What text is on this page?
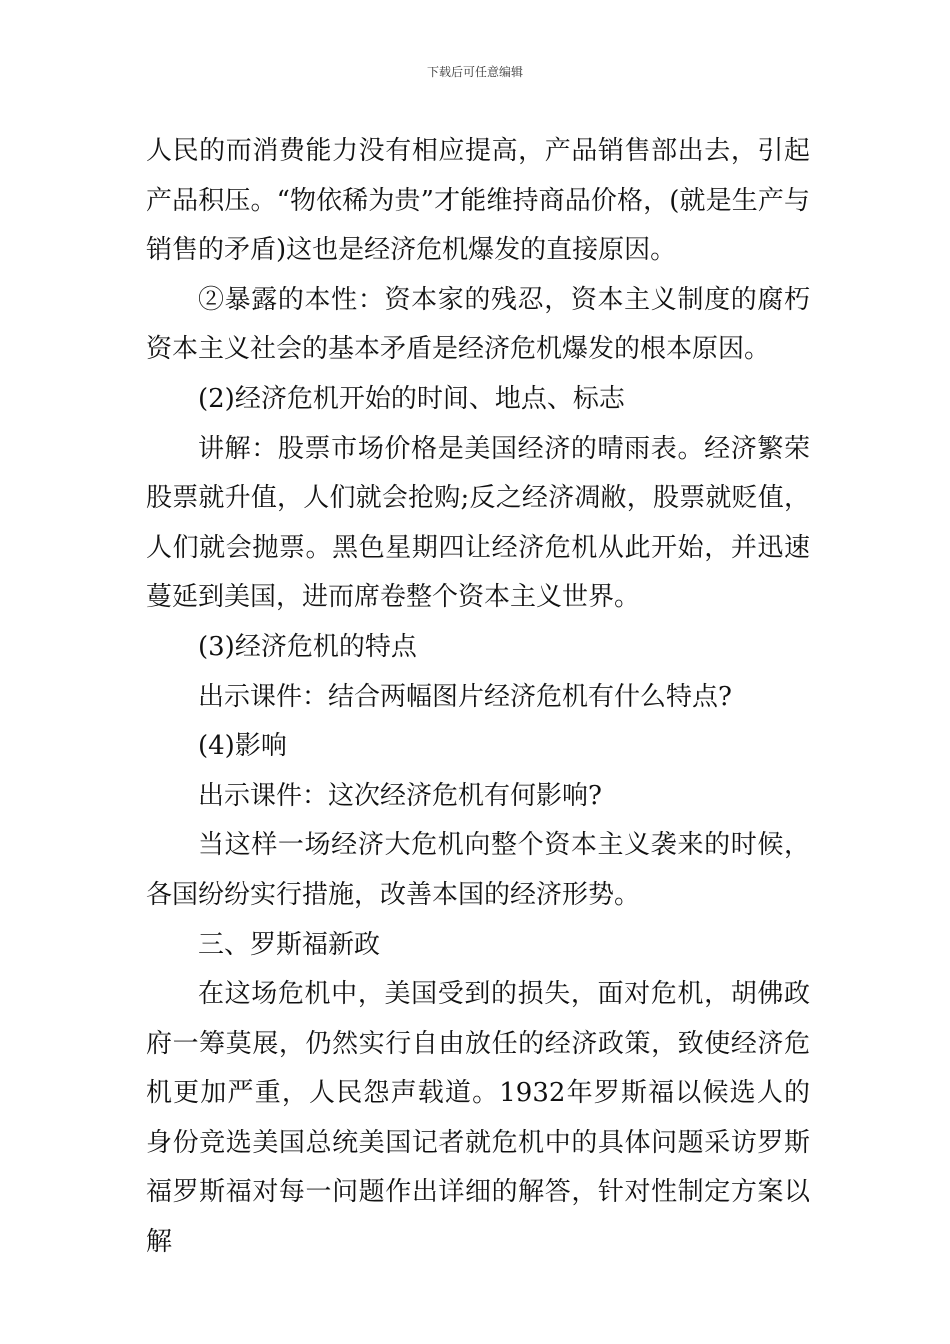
下载后可任意编辑

人民的而消费能力没有相应提高，产品销售部出去，引起产品积压。“物依稀为贵”才能维持商品价格，(就是生产与销售的矛盾)这也是经济危机爆发的直接原因。

②暴露的本性：资本家的残忍，资本主义制度的腐朽资本主义社会的基本矛盾是经济危机爆发的根本原因。

(2)经济危机开始的时间、地点、标志

讲解：股票市场价格是美国经济的晴雨表。经济繁荣股票就升值，人们就会抢购;反之经济凋敝，股票就贬值，人们就会抛票。黑色星期四让经济危机从此开始，并迅速蔓延到美国，进而席卷整个资本主义世界。

(3)经济危机的特点

出示课件：结合两幅图片经济危机有什么特点?

(4)影响

出示课件：这次经济危机有何影响?

当这样一场经济大危机向整个资本主义袭来的时候，各国纷纷实行措施，改善本国的经济形势。

三、罗斯福新政

在这场危机中，美国受到的损失，面对危机，胡佛政府一筹莫展，仍然实行自由放任的经济政策，致使经济危机更加严重，人民怨声载道。1932年罗斯福以候选人的身份竞选美国总统美国记者就危机中的具体问题采访罗斯福罗斯福对每一问题作出详细的解答，针对性制定方案以解
